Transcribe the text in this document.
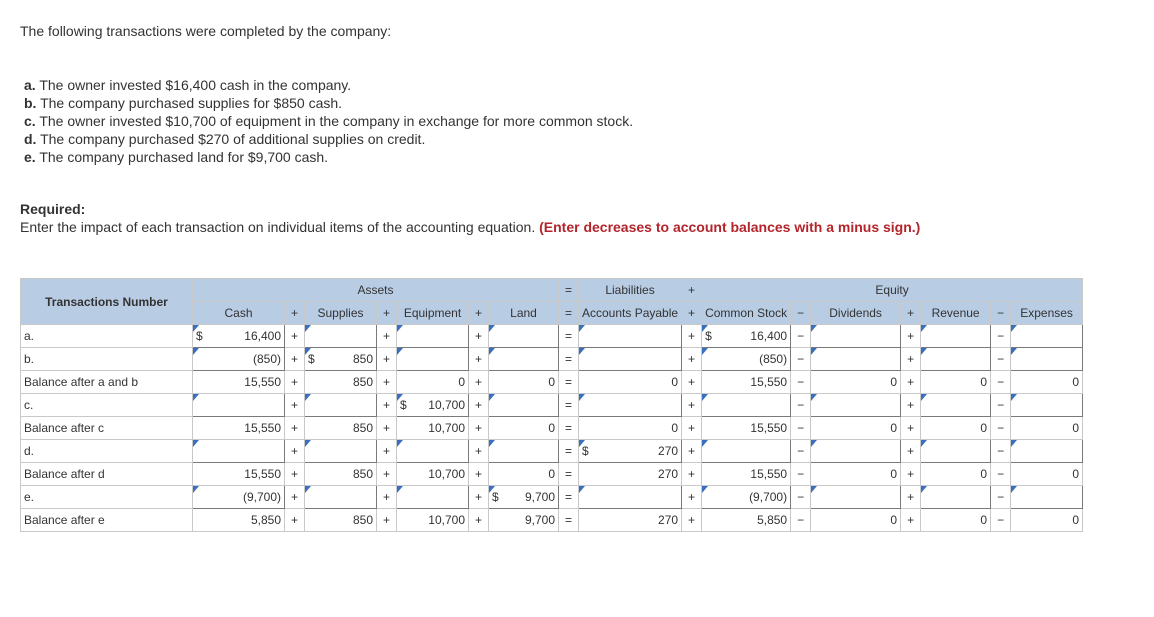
The following transactions were completed by the company:
a. The owner invested $16,400 cash in the company.
b. The company purchased supplies for $850 cash.
c. The owner invested $10,700 of equipment in the company in exchange for more common stock.
d. The company purchased $270 of additional supplies on credit.
e. The company purchased land for $9,700 cash.
Required:
Enter the impact of each transaction on individual items of the accounting equation. (Enter decreases to account balances with a minus sign.)
Transactions Number	Assets							=	Liabilities	+	Equity						
	Cash	+	Supplies	+	Equipment	+	Land	=	Accounts Payable	+	Common Stock	−	Dividends	+	Revenue	−	Expenses
a.	$ 16,400	+		+		+		=		+	$ 16,400	−		+		−	
b.	(850)	+	$ 850	+		+		=		+	(850)	−		+		−	
Balance after a and b	15,550	+	850	+	0	+	0	=	0	+	15,550	−	0	+	0	−	0
c.		+		+	$ 10,700	+		=		+		−		+		−	
Balance after c	15,550	+	850	+	10,700	+	0	=	0	+	15,550	−	0	+	0	−	0
d.		+		+		+		=	$ 270	+		−		+		−	
Balance after d	15,550	+	850	+	10,700	+	0	=	270	+	15,550	−	0	+	0	−	0
e.	(9,700)	+		+		+	$ 9,700	=		+	(9,700)	−		+		−	
Balance after e	5,850	+	850	+	10,700	+	9,700	=	270	+	5,850	−	0	+	0	−	0
